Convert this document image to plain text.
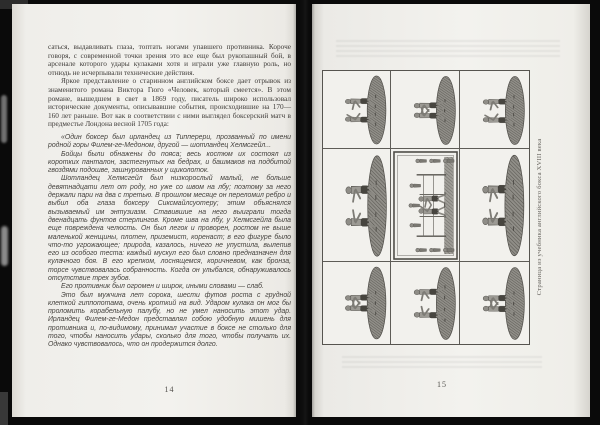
саться, выдавливать глаза, топтать ногами упавшего противника. Короче говоря, с современной точки зрения это все еще был рукопашный бой, в арсенале которого удары кулаками хотя и играли уже главную роль, но отнюдь не исчерпывали технические действия.

Яркое представление о старинном английском боксе дает отрывок из знаменитого романа Виктора Гюго «Человек, который смеется». В этом романе, вышедшем в свет в 1869 году, писатель широко использовал исторические документы, описывавшие события, происходившие на 170—160 лет раньше. Вот как в соответствии с ними выглядел боксерский матч в предместье Лондона весной 1705 года:

«Один боксер был ирландец из Типперери, прозванный по имени родной горы Филем-ге-Медоном, другой — шотландец Хелмсгейл...

Бойцы были обнажены до пояса; весь костюм их состоял из коротких панталон, застегнутых на бедрах, и башмаков на подбитой гвоздями подошве, зашнурованных у щиколоток.

Шотландец Хелмсгейл был низкорослый малый, не больше девятнадцати лет от роду, но уже со швом на лбу; поэтому за него держали пари на два с третью. В прошлом месяце он переломил ребро и выбил оба глаза боксеру Сиксмайлсуотеру; этим объяснялся вызываемый им энтузиазм. Ставившие на него выиграли тогда двенадцать фунтов стерлингов. Кроме шва на лбу, у Хелмсгейла была еще повреждена челюсть. Он был легок и проворен, ростом не выше маленькой женщины, плотен, приземист, коренаст; в его фигуре было что-то угрожающее; природа, казалось, ничего не упустила, вылепив его из особого теста: каждый мускул его был словно предназначен для кулачного боя. В его крепком, лоснящемся, коричневом, как бронза, торсе чувствовалась собранность. Когда он улыбался, обнаруживалось отсутствие трех зубов.

Его противник был огромен и широк, иными словами — слаб.

Это был мужчина лет сорока, шести футов роста с грудной клеткой гиппопотама, очень кроткий на вид. Ударом кулака он мог бы проломить корабельную палубу, но не умел наносить этот удар. Ирландец Филем-ге-Медон представлял собою удобную мишень для противника и, по-видимому, принимал участие в боксе не столько для того, чтобы наносить удары, сколько для того, чтобы получать их. Однако чувствовалось, что он продержится долго.

14
Страница из учебника английского бокса XVIII века
15
